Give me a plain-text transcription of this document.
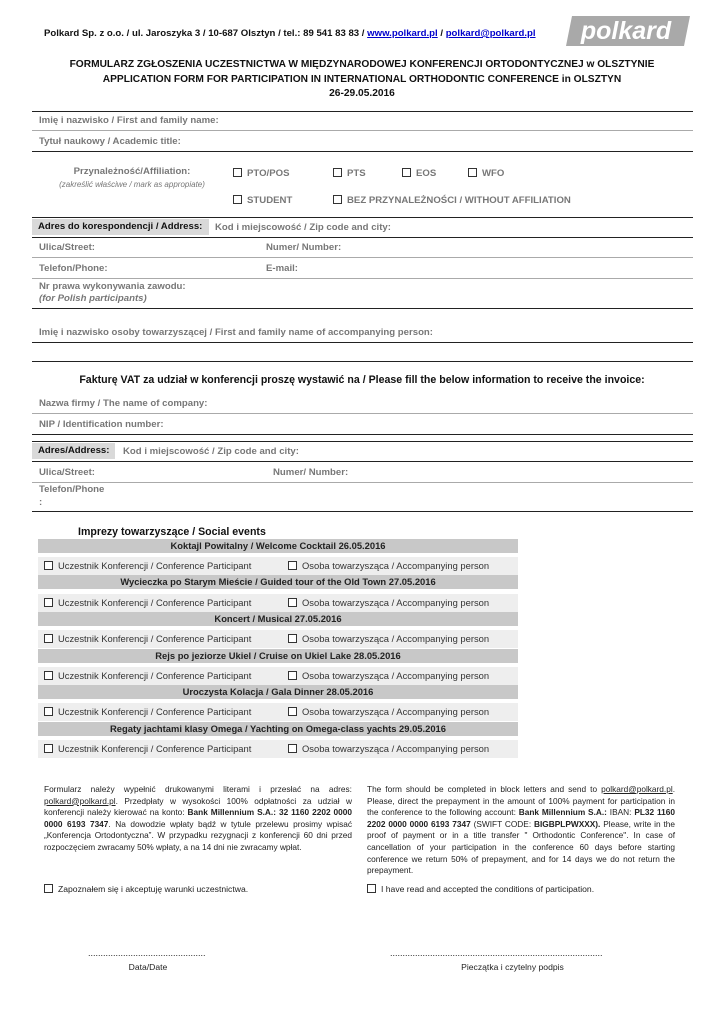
Polkard Sp. z o.o. / ul. Jaroszyka 3 / 10-687 Olsztyn / tel.: 89 541 83 83 / www.polkard.pl / polkard@polkard.pl polkard
FORMULARZ ZGŁOSZENIA UCZESTNICTWA W MIĘDZYNARODOWEJ KONFERENCJI ORTODONTYCZNEJ w OLSZTYNIE
APPLICATION FORM FOR PARTICIPATION IN INTERNATIONAL ORTHODONTIC CONFERENCE in OLSZTYN
26-29.05.2016
Imię i nazwisko / First and family name:
Tytuł naukowy / Academic title:
Przynależność/Affiliation:
(zakreślić właściwe / mark as appropiate)
PTO/POS	PTS	EOS	WFO
STUDENT	BEZ PRZYNALEŻNOŚCI / WITHOUT AFFILIATION
Adres do korespondencji / Address:	Kod i miejscowość / Zip code and city:
Ulica/Street:	Numer/ Number:
Telefon/Phone:	E-mail:
Nr prawa wykonywania zawodu:
(for Polish participants)
Imię i nazwisko osoby towarzyszącej / First and family name of accompanying person:
Fakturę VAT za udział w konferencji proszę wystawić na / Please fill the below information to receive the invoice:
Nazwa firmy / The name of company:
NIP / Identification number:
Adres/Address:	Kod i miejscowość / Zip code and city:
Ulica/Street:	Numer/ Number:
Telefon/Phone
:
Imprezy towarzyszące / Social events
Koktajl Powitalny / Welcome Cocktail 26.05.2016
Uczestnik Konferencji / Conference Participant	Osoba towarzysząca / Accompanying person
Wycieczka po Starym Mieście / Guided tour of the Old Town 27.05.2016
Uczestnik Konferencji / Conference Participant	Osoba towarzysząca / Accompanying person
Koncert / Musical 27.05.2016
Uczestnik Konferencji / Conference Participant	Osoba towarzysząca / Accompanying person
Rejs po jeziorze Ukiel / Cruise on Ukiel Lake 28.05.2016
Uczestnik Konferencji / Conference Participant	Osoba towarzysząca / Accompanying person
Uroczysta Kolacja / Gala Dinner 28.05.2016
Uczestnik Konferencji / Conference Participant	Osoba towarzysząca / Accompanying person
Regaty jachtami klasy Omega / Yachting on Omega-class yachts 29.05.2016
Uczestnik Konferencji / Conference Participant	Osoba towarzysząca / Accompanying person
Formularz należy wypełnić drukowanymi literami i przesłać na adres: polkard@polkard.pl. Przedpłaty w wysokości 100% odpłatności za udział w konferencji należy kierować na konto: Bank Millennium S.A.: 32 1160 2202 0000 0000 6193 7347. Na dowodzie wpłaty bądź w tytule przelewu prosimy wpisać „Konferencja Ortodontyczna”. W przypadku rezygnacji z konferencji 60 dni przed rozpoczęciem zwracamy 50% wpłaty, a na 14 dni nie zwracamy wpłat.
The form should be completed in block letters and send to polkard@polkard.pl. Please, direct the prepayment in the amount of 100% payment for participation in the conference to the following account: Bank Millennium S.A.: IBAN: PL32 1160 2202 0000 0000 6193 7347 (SWIFT CODE: BIGBPLPWXXX). Please, write in the proof of payment or in a title transfer " Orthodontic Conference". In case of cancellation of your participation in the conference 60 days before starting conference we return 50% of prepayment, and for 14 days we do not return the prepayment.
Zapoznałem się i akceptuję warunki uczestnictwa.	I have read and accepted the conditions of participation.
...............................................
Data/Date
.....................................................................................
Pieczątka i czytelny podpis
